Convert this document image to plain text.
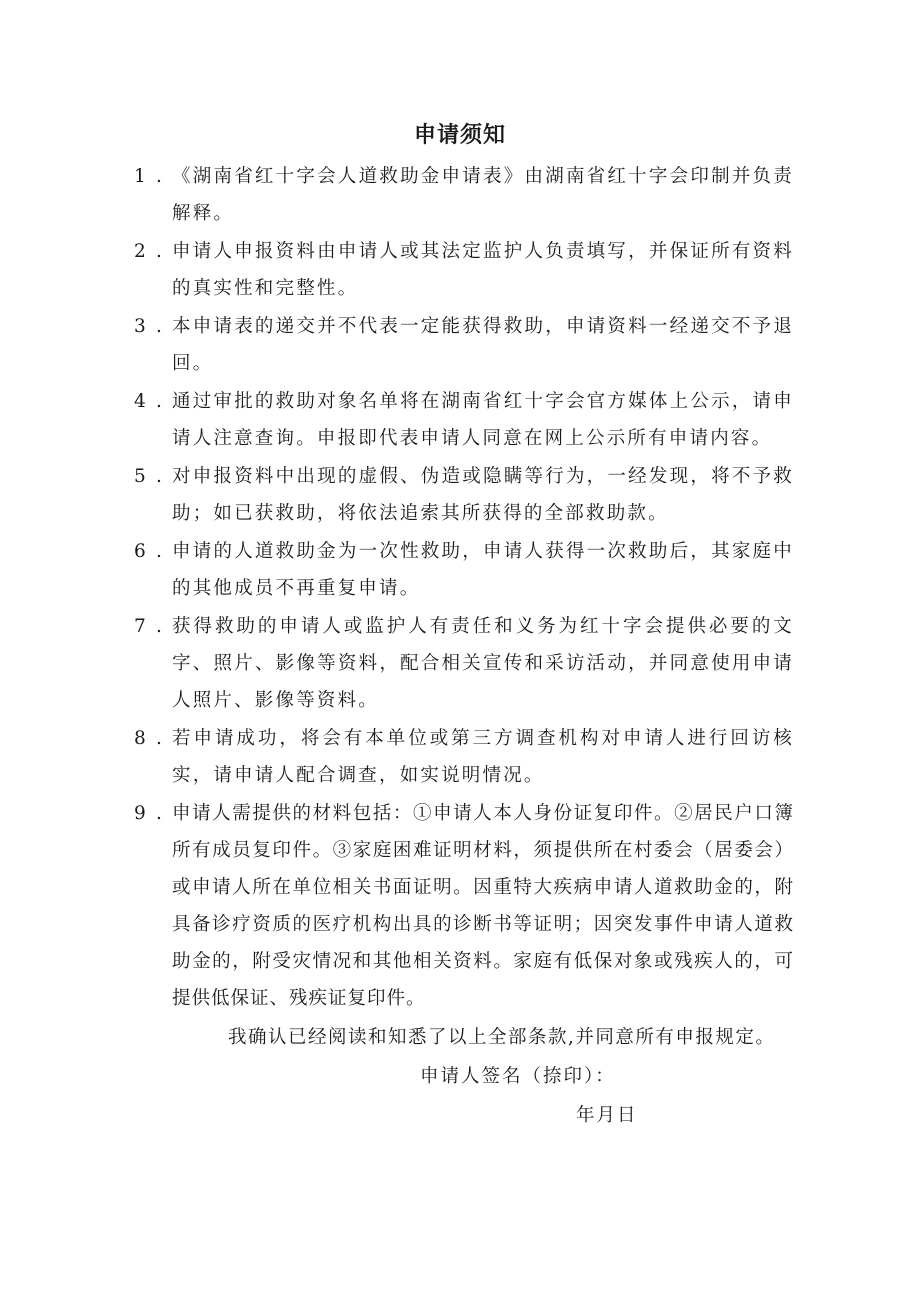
申请须知
1 . 《湖南省红十字会人道救助金申请表》由湖南省红十字会印制并负责解释。
2 . 申请人申报资料由申请人或其法定监护人负责填写，并保证所有资料的真实性和完整性。
3 . 本申请表的递交并不代表一定能获得救助，申请资料一经递交不予退回。
4 . 通过审批的救助对象名单将在湖南省红十字会官方媒体上公示，请申请人注意查询。申报即代表申请人同意在网上公示所有申请内容。
5 . 对申报资料中出现的虚假、伪造或隐瞒等行为，一经发现，将不予救助；如已获救助，将依法追索其所获得的全部救助款。
6 . 申请的人道救助金为一次性救助，申请人获得一次救助后，其家庭中的其他成员不再重复申请。
7 . 获得救助的申请人或监护人有责任和义务为红十字会提供必要的文字、照片、影像等资料，配合相关宣传和采访活动，并同意使用申请人照片、影像等资料。
8 . 若申请成功，将会有本单位或第三方调查机构对申请人进行回访核实，请申请人配合调查，如实说明情况。
9 . 申请人需提供的材料包括：①申请人本人身份证复印件。②居民户口簿所有成员复印件。③家庭困难证明材料，须提供所在村委会（居委会）或申请人所在单位相关书面证明。因重特大疾病申请人道救助金的，附具备诊疗资质的医疗机构出具的诊断书等证明；因突发事件申请人道救助金的，附受灾情况和其他相关资料。家庭有低保对象或残疾人的，可提供低保证、残疾证复印件。
我确认已经阅读和知悉了以上全部条款,并同意所有申报规定。
申请人签名（捺印）：
年月日
